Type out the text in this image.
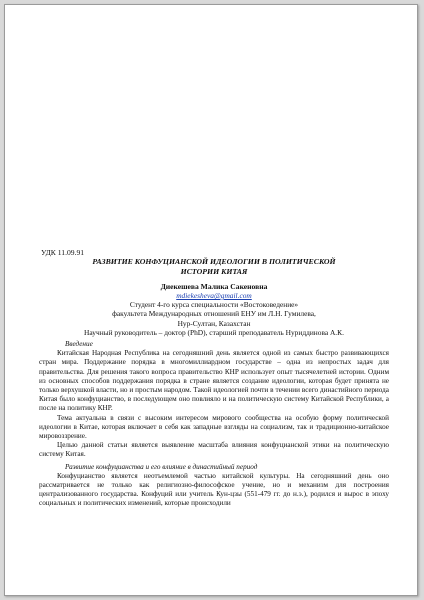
УДК 11.09.91
РАЗВИТИЕ КОНФУЦИАНСКОЙ ИДЕОЛОГИИ В ПОЛИТИЧЕСКОЙ
ИСТОРИИ КИТАЯ
Диекешева Малика Сакеновна
mdiekesheva@gmail.com
Студент 4-го курса специальности «Востоковедение»
факультета Международных отношений ЕНУ им Л.Н. Гумилева,
Нур-Султан, Казахстан
Научный руководитель – доктор (PhD), старший преподаватель Нуриддинова А.К.
Введение

Китайская Народная Республика на сегодняшний день является одной из самых быстро развивающихся стран мира. Поддержание порядка в многомиллиардном государстве – одна из непростых задач для правительства. Для решения такого вопроса правительство КНР использует опыт тысячелетней истории. Одним из основных способов поддержания порядка в стране является создание идеологии, которая будет принята не только верхушкой власти, но и простым народом. Такой идеологией почти в течении всего династийного периода Китая было конфуцианство, в последующем оно повлияло и на политическую систему Китайской Республики, а после на политику КНР.

Тема актуальна в связи с высоким интересом мирового сообщества на особую форму политической идеологии в Китае, которая включает в себя как западные взгляды на социализм, так и традиционно-китайское мировоззрение.

Целью данной статьи является выявление масштаба влияния конфуцианской этики на политическую систему Китая.

Развитие конфуцианства и его влияние в династийный период

Конфуцианство является неотъемлемой частью китайской культуры. На сегодняшний день оно рассматривается не только как религиозно-философское учение, но и механизм для построения централизованного государства. Конфуций или учитель Кун-цзы (551-479 гг. до н.э.), родился и вырос в эпоху социальных и политических изменений, которые происходили
